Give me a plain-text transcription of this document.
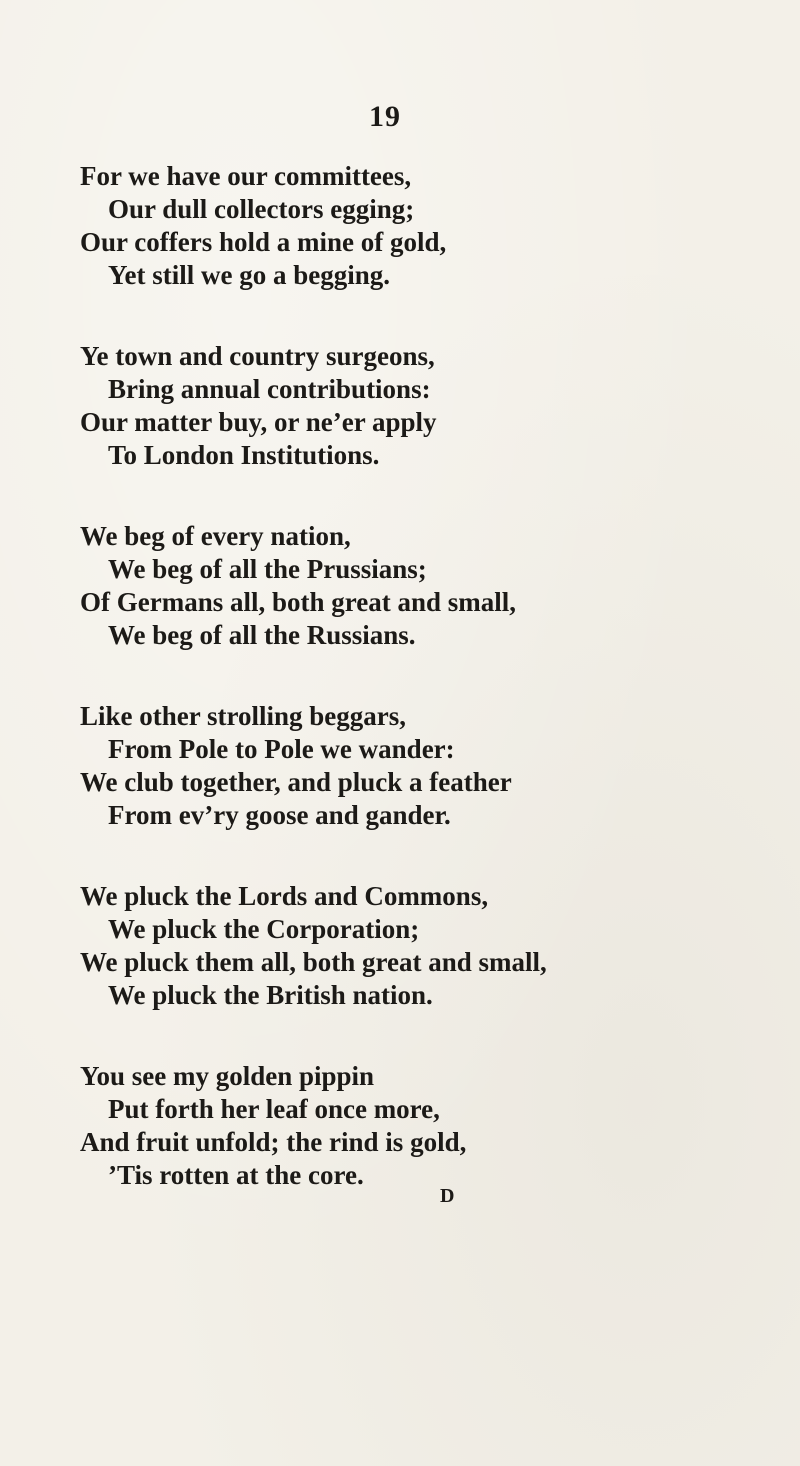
19
For we have our committees,
Our dull collectors egging;
Our coffers hold a mine of gold,
Yet still we go a begging.
Ye town and country surgeons,
Bring annual contributions:
Our matter buy, or ne’er apply
To London Institutions.
We beg of every nation,
We beg of all the Prussians;
Of Germans all, both great and small,
We beg of all the Russians.
Like other strolling beggars,
From Pole to Pole we wander:
We club together, and pluck a feather
From ev’ry goose and gander.
We pluck the Lords and Commons,
We pluck the Corporation;
We pluck them all, both great and small,
We pluck the British nation.
You see my golden pippin
Put forth her leaf once more,
And fruit unfold; the rind is gold,
’Tis rotten at the core.
D
